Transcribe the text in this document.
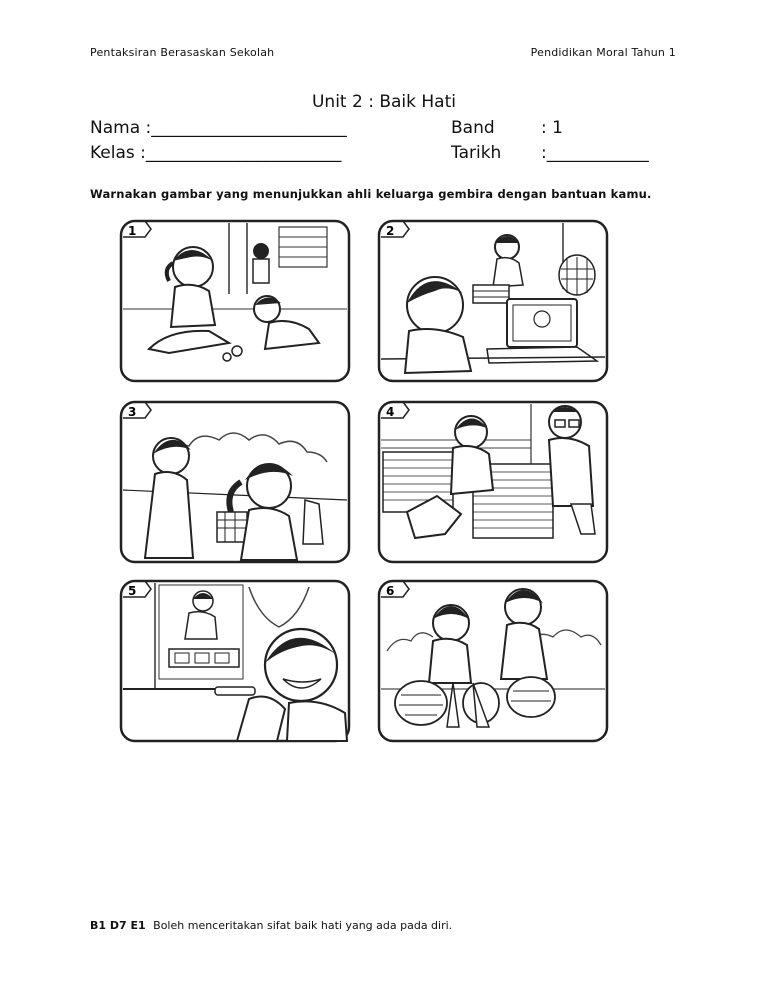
Pentaksiran Berasaskan Sekolah	Pendidikan Moral Tahun 1
Unit 2 : Baik Hati
Nama :_______________________
Kelas :_______________________
Band	: 1
Tarikh :____________
Warnakan gambar yang menunjukkan ahli keluarga gembira dengan bantuan kamu.
1	2
3	4
5	6
B1 D7 E1 Boleh menceritakan sifat baik hati yang ada pada diri.
